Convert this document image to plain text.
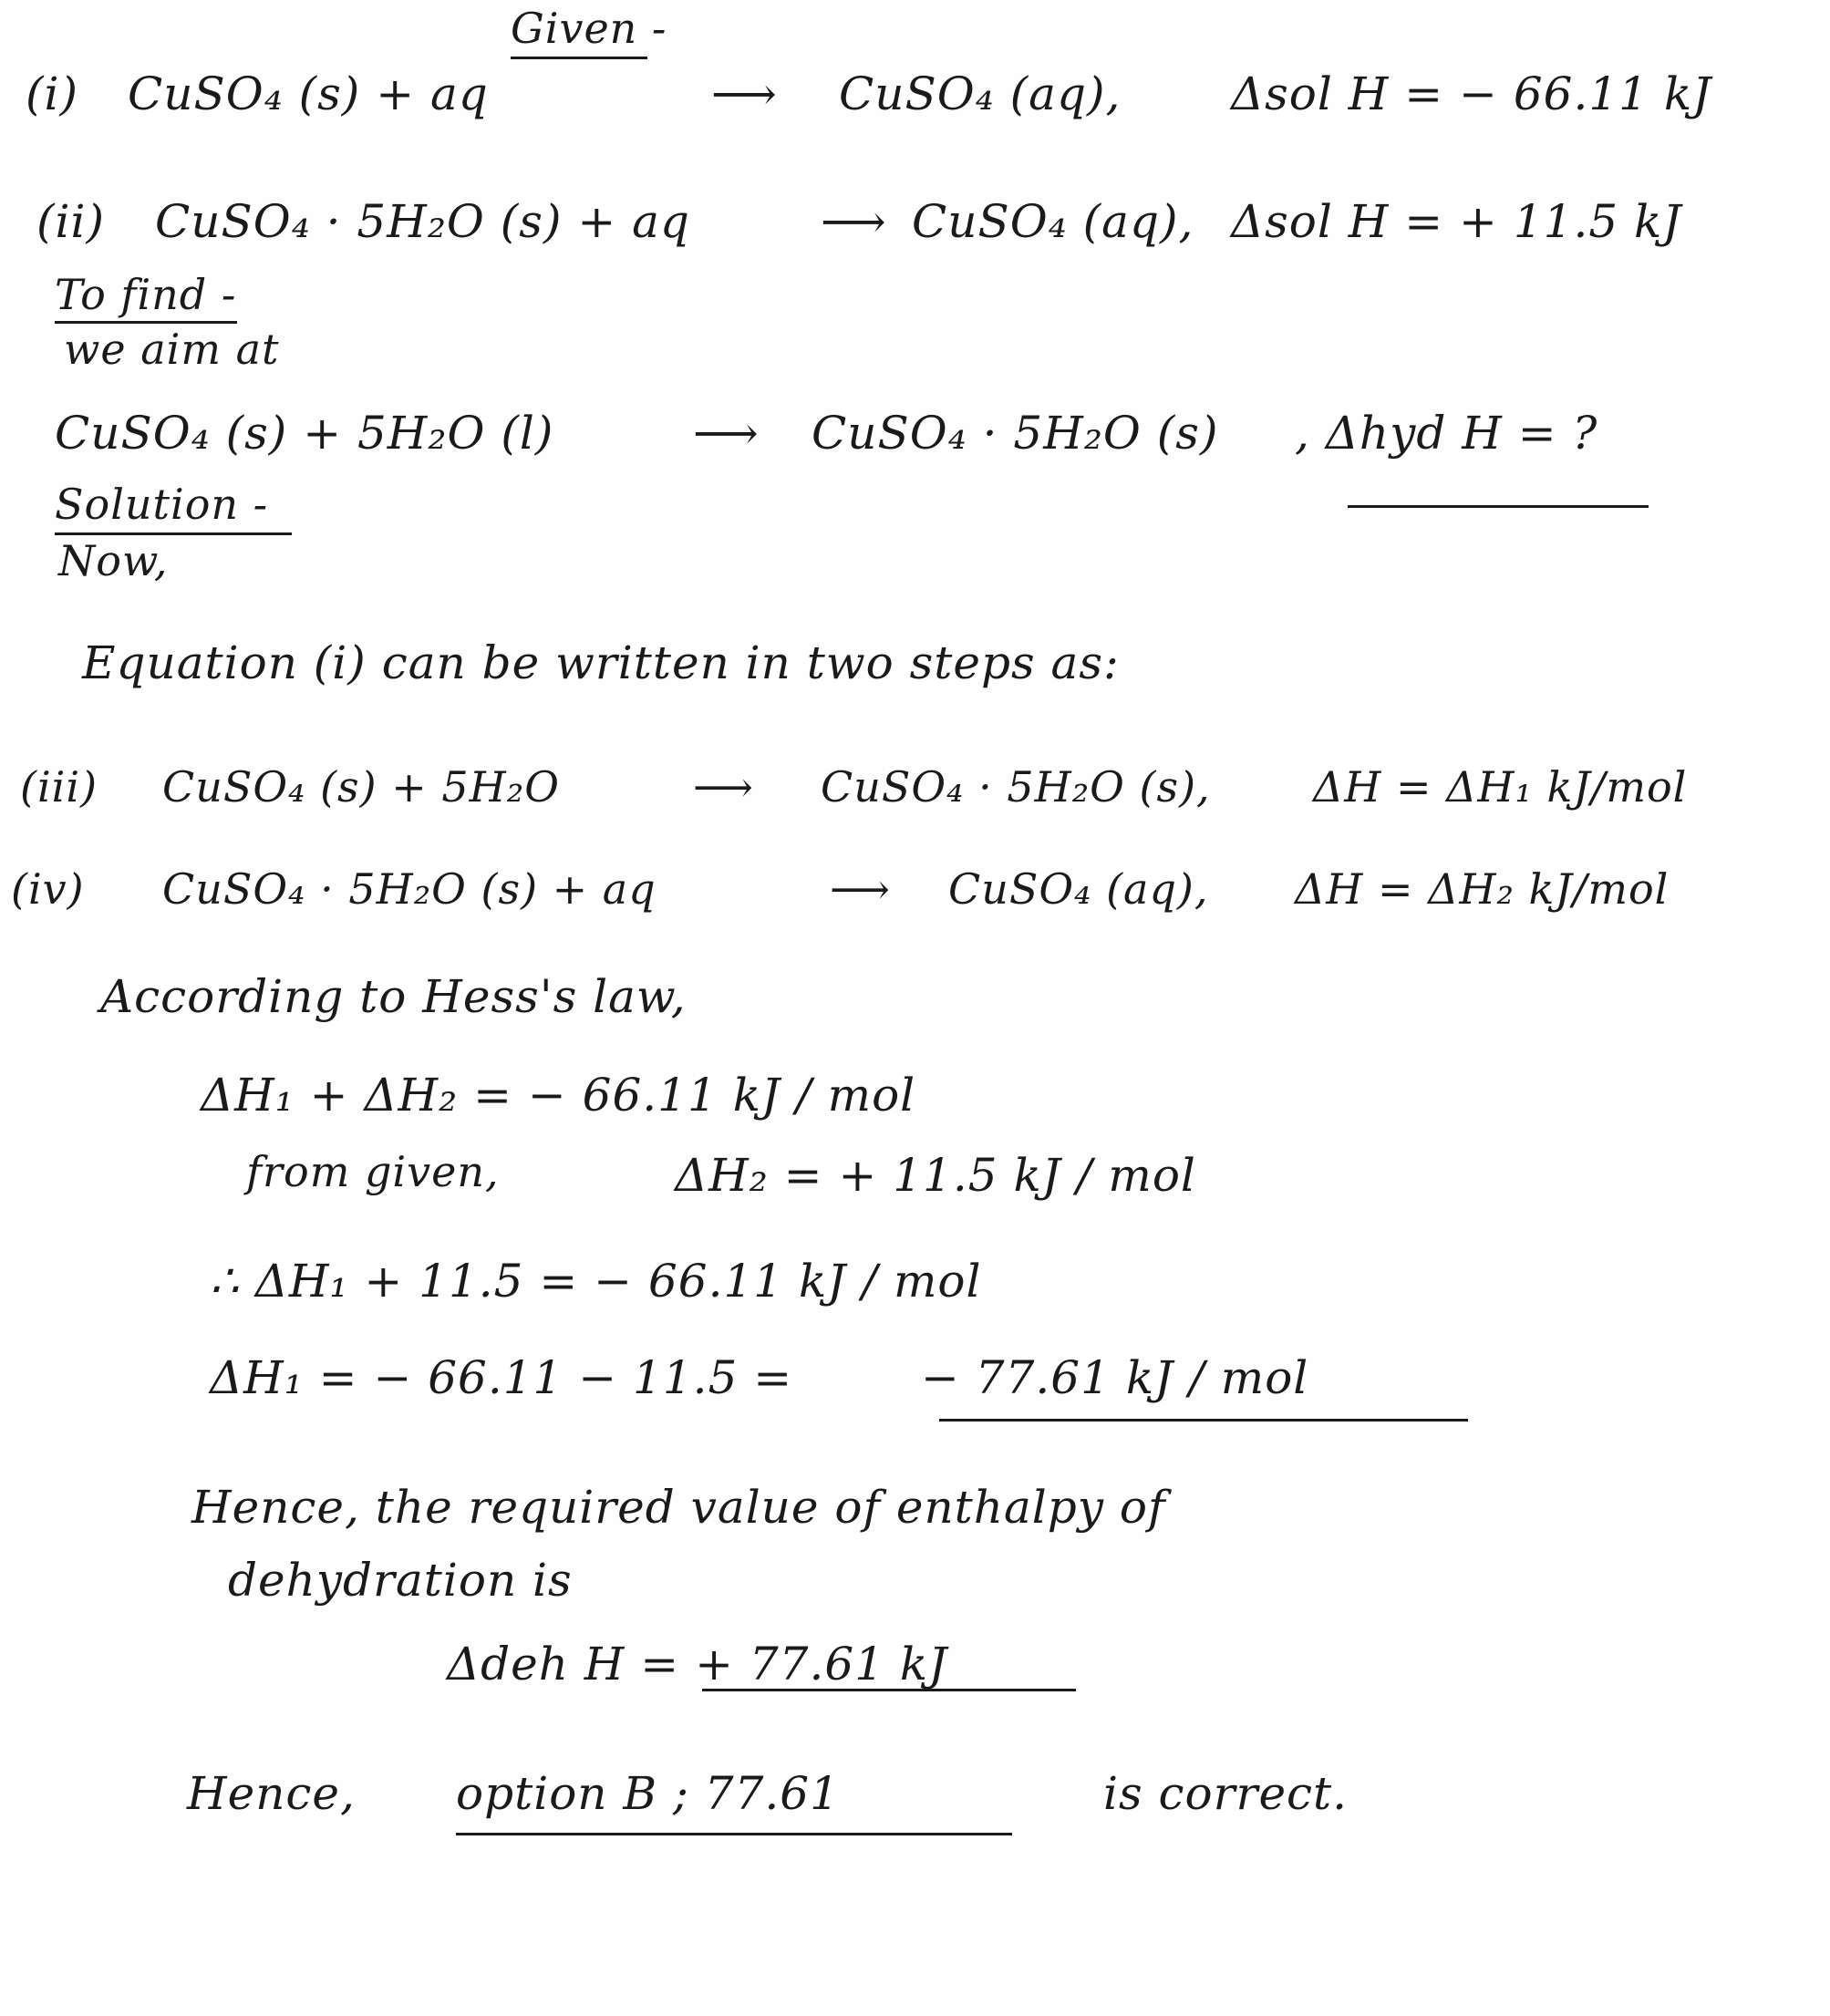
Given -
(i) CuSO₄ (s) + aq	⟶ CuSO₄ (aq), Δsol H = − 66.11 kJ
(ii) CuSO₄ · 5H₂O (s) + aq	⟶ CuSO₄ (aq), Δsol H = + 11.5 kJ
To find -
we aim at
CuSO₄ (s) + 5H₂O (l)	⟶ CuSO₄ · 5H₂O (s) , Δhyd H = ?
Solution -
Now,
Equation (i) can be written in two steps as:
(iii) CuSO₄ (s) + 5H₂O	⟶ CuSO₄ · 5H₂O (s), ΔH = ΔH₁ kJ/mol
(iv) CuSO₄ · 5H₂O (s) + aq	⟶ CuSO₄ (aq), ΔH = ΔH₂ kJ/mol
According to Hess's law,
ΔH₁ + ΔH₂ = − 66.11 kJ / mol
from given,	ΔH₂ = + 11.5 kJ / mol
∴ ΔH₁ + 11.5 = − 66.11 kJ / mol
ΔH₁ = − 66.11 − 11.5 =	− 77.61 kJ / mol
Hence, the required value of enthalpy of
dehydration is
Δdeh H = + 77.61 kJ
Hence, option B ; 77.61	is correct.
